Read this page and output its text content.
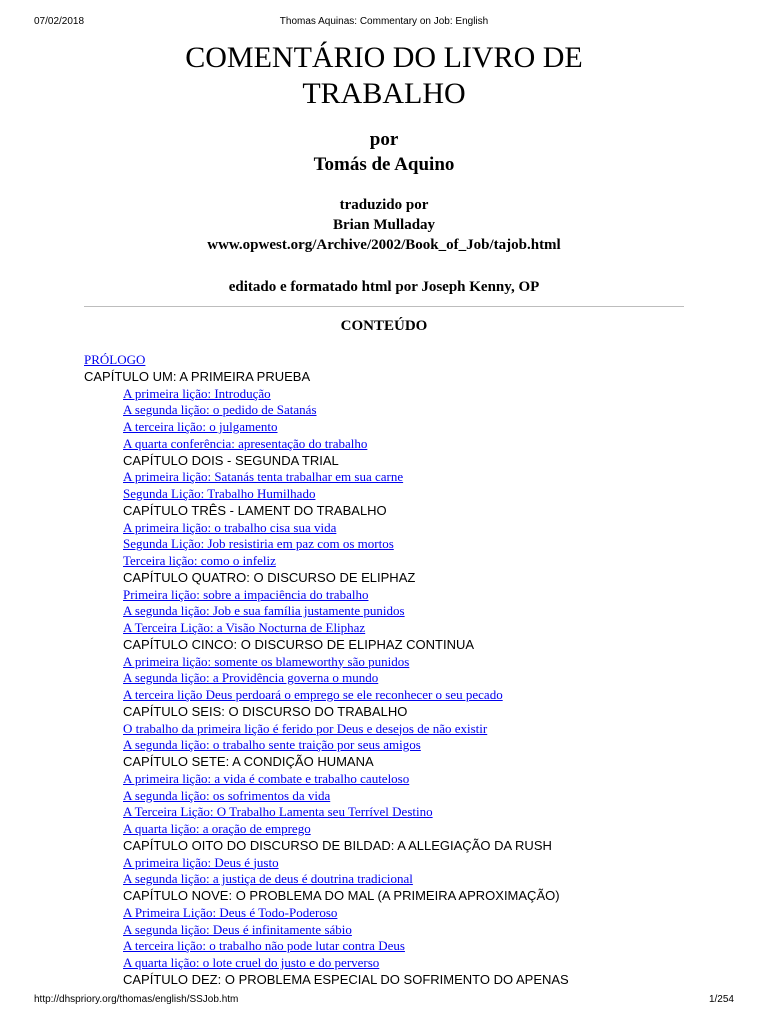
07/02/2018	Thomas Aquinas: Commentary on Job: English
COMENTÁRIO DO LIVRO DE
TRABALHO
por
Tomás de Aquino
traduzido por
Brian Mulladay
www.opwest.org/Archive/2002/Book_of_Job/tajob.html
editado e formatado html por Joseph Kenny, OP
CONTEÚDO
PRÓLOGO
CAPÍTULO UM: A PRIMEIRA PRUEBA
A primeira lição: Introdução
A segunda lição: o pedido de Satanás
A terceira lição: o julgamento
A quarta conferência: apresentação do trabalho
CAPÍTULO DOIS - SEGUNDA TRIAL
A primeira lição: Satanás tenta trabalhar em sua carne
Segunda Lição: Trabalho Humilhado
CAPÍTULO TRÊS - LAMENT DO TRABALHO
A primeira lição: o trabalho cisa sua vida
Segunda Lição: Job resistiria em paz com os mortos
Terceira lição: como o infeliz
CAPÍTULO QUATRO: O DISCURSO DE ELIPHAZ
Primeira lição: sobre a impaciência do trabalho
A segunda lição: Job e sua família justamente punidos
A Terceira Lição: a Visão Nocturna de Eliphaz
CAPÍTULO CINCO: O DISCURSO DE ELIPHAZ CONTINUA
A primeira lição: somente os blameworthy são punidos
A segunda lição: a Providência governa o mundo
A terceira lição Deus perdoará o emprego se ele reconhecer o seu pecado
CAPÍTULO SEIS: O DISCURSO DO TRABALHO
O trabalho da primeira lição é ferido por Deus e desejos de não existir
A segunda lição: o trabalho sente traição por seus amigos
CAPÍTULO SETE: A CONDIÇÃO HUMANA
A primeira lição: a vida é combate e trabalho cauteloso
A segunda lição: os sofrimentos da vida
A Terceira Lição: O Trabalho Lamenta seu Terrível Destino
A quarta lição: a oração de emprego
CAPÍTULO OITO DO DISCURSO DE BILDAD: A ALLEGIAÇÃO DA RUSH
A primeira lição: Deus é justo
A segunda lição: a justiça de deus é doutrina tradicional
CAPÍTULO NOVE: O PROBLEMA DO MAL (A PRIMEIRA APROXIMAÇÃO)
A Primeira Lição: Deus é Todo-Poderoso
A segunda lição: Deus é infinitamente sábio
A terceira lição: o trabalho não pode lutar contra Deus
A quarta lição: o lote cruel do justo e do perverso
CAPÍTULO DEZ: O PROBLEMA ESPECIAL DO SOFRIMENTO DO APENAS
http://dhspriory.org/thomas/english/SSJob.htm	1/254
